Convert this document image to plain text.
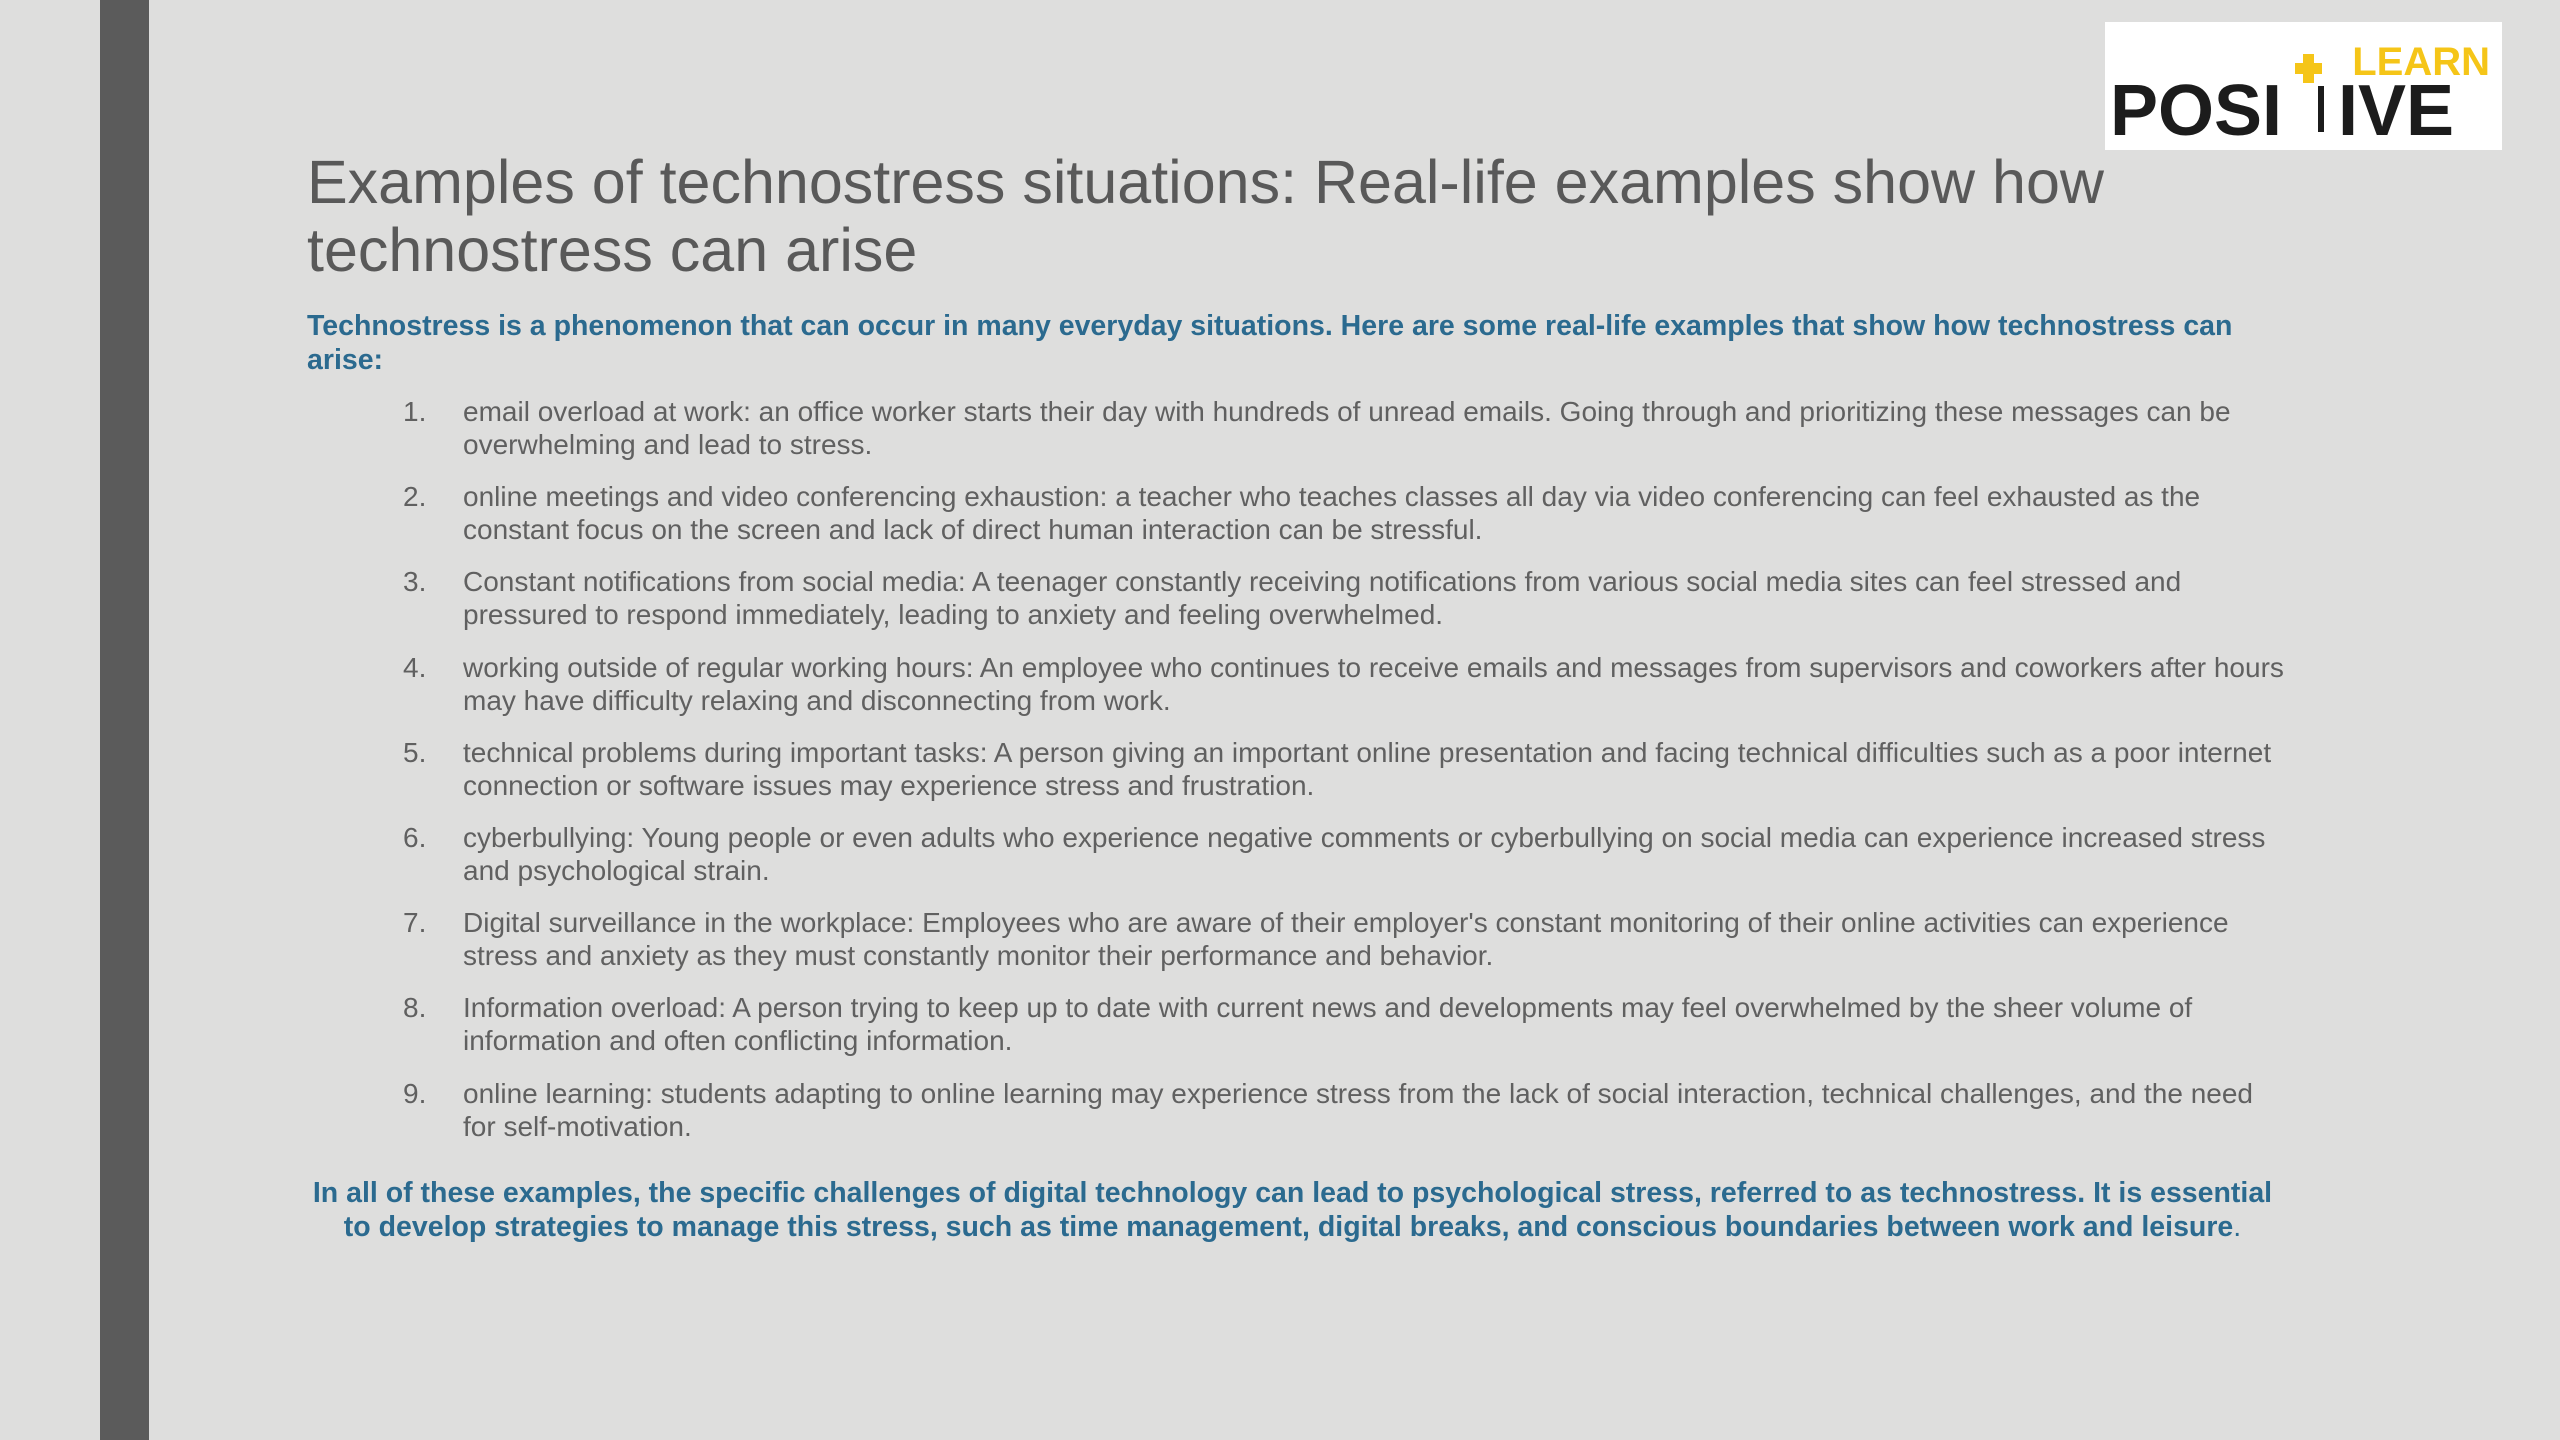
LEARN
POSI IVE
Examples of technostress situations: Real-life examples show how technostress can arise

Technostress is a phenomenon that can occur in many everyday situations. Here are some real-life examples that show how technostress can arise:

1.	email overload at work: an office worker starts their day with hundreds of unread emails. Going through and prioritizing these messages can be overwhelming and lead to stress.
2.	online meetings and video conferencing exhaustion: a teacher who teaches classes all day via video conferencing can feel exhausted as the constant focus on the screen and lack of direct human interaction can be stressful.
3.	Constant notifications from social media: A teenager constantly receiving notifications from various social media sites can feel stressed and pressured to respond immediately, leading to anxiety and feeling overwhelmed.
4.	working outside of regular working hours: An employee who continues to receive emails and messages from supervisors and coworkers after hours may have difficulty relaxing and disconnecting from work.
5.	technical problems during important tasks: A person giving an important online presentation and facing technical difficulties such as a poor internet connection or software issues may experience stress and frustration.
6.	cyberbullying: Young people or even adults who experience negative comments or cyberbullying on social media can experience increased stress and psychological strain.
7.	Digital surveillance in the workplace: Employees who are aware of their employer's constant monitoring of their online activities can experience stress and anxiety as they must constantly monitor their performance and behavior.
8.	Information overload: A person trying to keep up to date with current news and developments may feel overwhelmed by the sheer volume of information and often conflicting information.
9.	online learning: students adapting to online learning may experience stress from the lack of social interaction, technical challenges, and the need for self-motivation.

In all of these examples, the specific challenges of digital technology can lead to psychological stress, referred to as technostress. It is essential to develop strategies to manage this stress, such as time management, digital breaks, and conscious boundaries between work and leisure.
